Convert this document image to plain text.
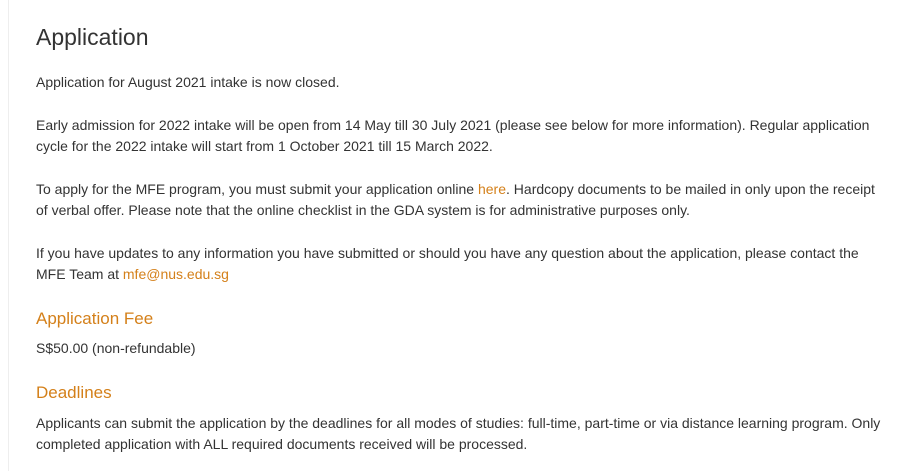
Application

Application for August 2021 intake is now closed.

Early admission for 2022 intake will be open from 14 May till 30 July 2021 (please see below for more information). Regular application cycle for the 2022 intake will start from 1 October 2021 till 15 March 2022.

To apply for the MFE program, you must submit your application online here. Hardcopy documents to be mailed in only upon the receipt of verbal offer. Please note that the online checklist in the GDA system is for administrative purposes only.

If you have updates to any information you have submitted or should you have any question about the application, please contact the MFE Team at mfe@nus.edu.sg

Application Fee

S$50.00 (non-refundable)

Deadlines

Applicants can submit the application by the deadlines for all modes of studies: full-time, part-time or via distance learning program. Only completed application with ALL required documents received will be processed.
